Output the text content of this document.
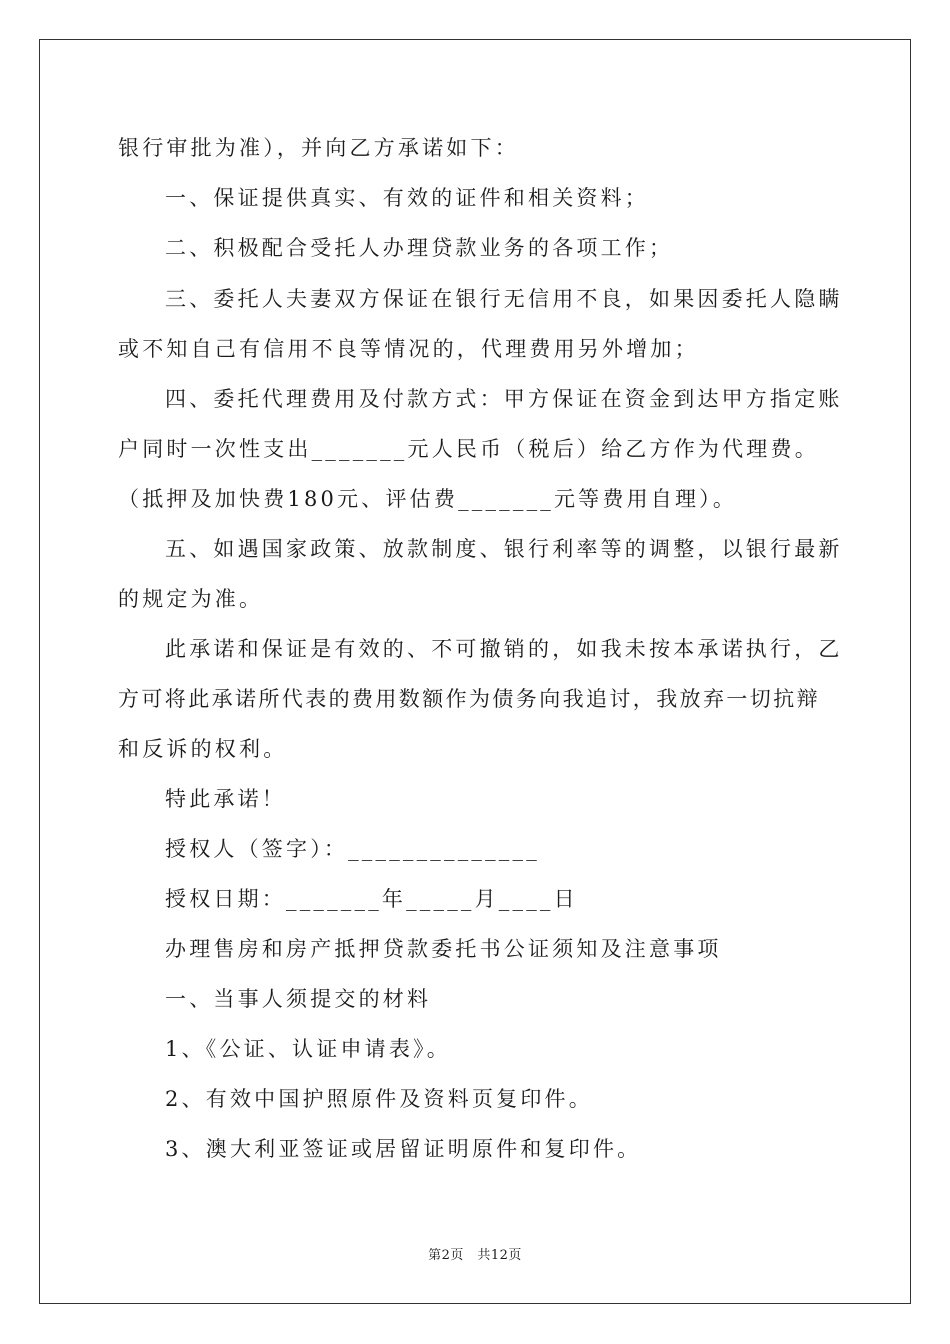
银行审批为准），并向乙方承诺如下：
一、保证提供真实、有效的证件和相关资料；
二、积极配合受托人办理贷款业务的各项工作；
三、委托人夫妻双方保证在银行无信用不良，如果因委托人隐瞒
或不知自己有信用不良等情况的，代理费用另外增加；
四、委托代理费用及付款方式：甲方保证在资金到达甲方指定账
户同时一次性支出_______元人民币（税后）给乙方作为代理费。
（抵押及加快费180元、评估费_______元等费用自理）。
五、如遇国家政策、放款制度、银行利率等的调整，以银行最新
的规定为准。
此承诺和保证是有效的、不可撤销的，如我未按本承诺执行，乙
方可将此承诺所代表的费用数额作为债务向我追讨，我放弃一切抗辩
和反诉的权利。
特此承诺！
授权人（签字）：______________
授权日期：_______年_____月____日
办理售房和房产抵押贷款委托书公证须知及注意事项
一、当事人须提交的材料
1、《公证、认证申请表》。
2、有效中国护照原件及资料页复印件。
3、澳大利亚签证或居留证明原件和复印件。
第2页　共12页
